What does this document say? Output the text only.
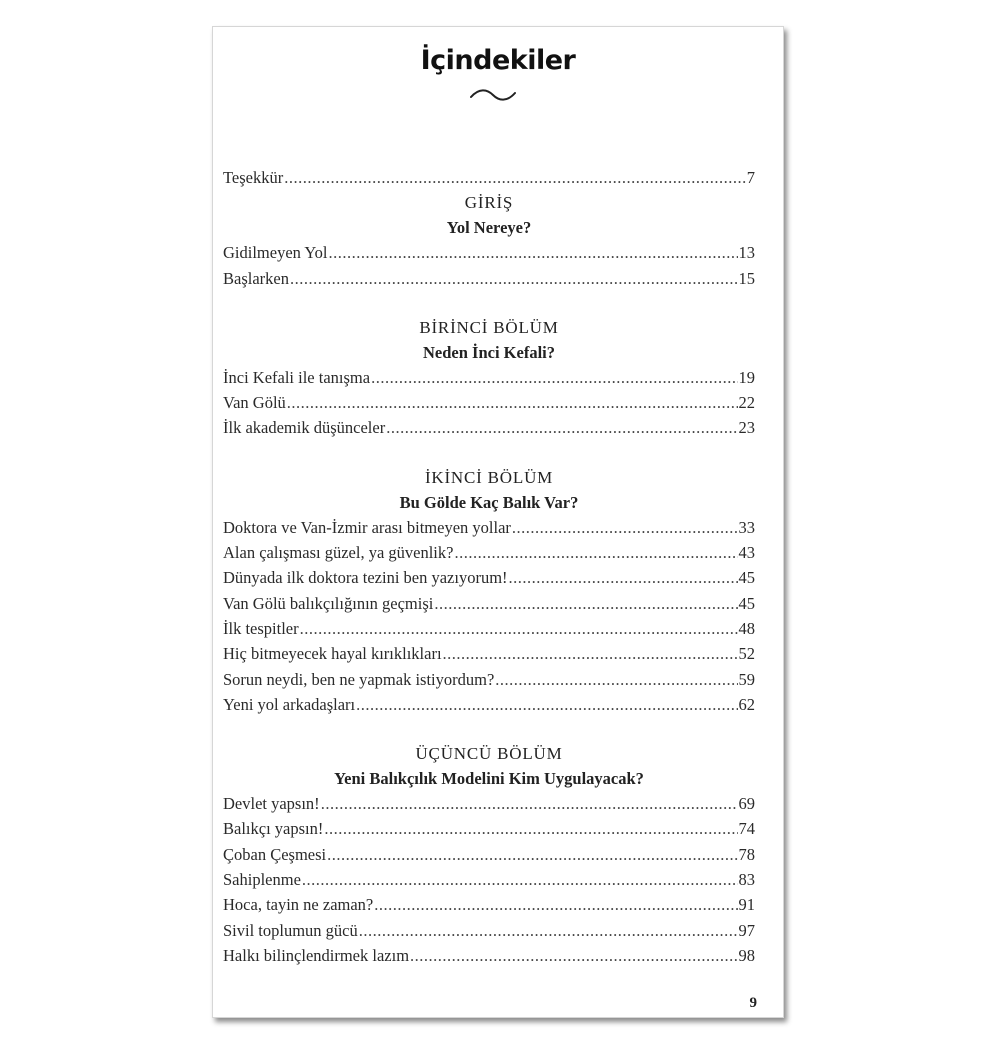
İçindekiler
Teşekkür .....	7
GİRİŞ
Yol Nereye?
Gidilmeyen Yol .....	13
Başlarken .....	15
BİRİNCİ BÖLÜM
Neden İnci Kefali?
İnci Kefali ile tanışma .....	19
Van Gölü .....	22
İlk akademik düşünceler .....	23
İKİNCİ BÖLÜM
Bu Gölde Kaç Balık Var?
Doktora ve Van-İzmir arası bitmeyen yollar .....	33
Alan çalışması güzel, ya güvenlik? .....	43
Dünyada ilk doktora tezini ben yazıyorum! .....	45
Van Gölü balıkçılığının geçmişi .....	45
İlk tespitler .....	48
Hiç bitmeyecek hayal kırıklıkları .....	52
Sorun neydi, ben ne yapmak istiyordum? .....	59
Yeni yol arkadaşları .....	62
ÜÇÜNCÜ BÖLÜM
Yeni Balıkçılık Modelini Kim Uygulayacak?
Devlet yapsın! .....	69
Balıkçı yapsın! .....	74
Çoban Çeşmesi .....	78
Sahiplenme .....	83
Hoca, tayin ne zaman? .....	91
Sivil toplumun gücü .....	97
Halkı bilinçlendirmek lazım .....	98
9
